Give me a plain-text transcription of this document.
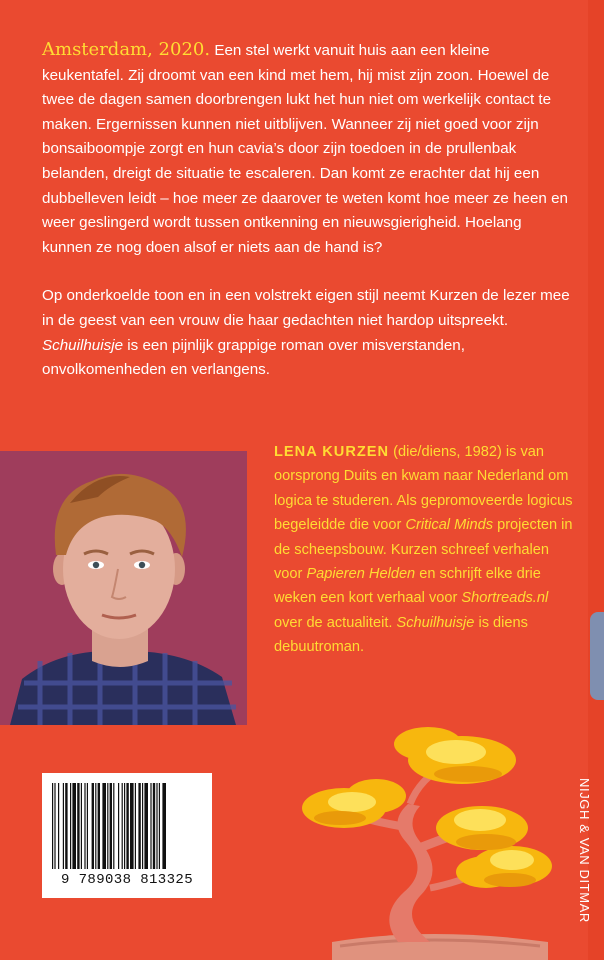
Amsterdam, 2020. Een stel werkt vanuit huis aan een kleine keukentafel. Zij droomt van een kind met hem, hij mist zijn zoon. Hoewel de twee de dagen samen doorbrengen lukt het hun niet om werkelijk contact te maken. Ergernissen kunnen niet uitblijven. Wanneer zij niet goed voor zijn bonsaiboompje zorgt en hun cavia’s door zijn toedoen in de prullenbak belanden, dreigt de situatie te escaleren. Dan komt ze erachter dat hij een dubbelleven leidt – hoe meer ze daarover te weten komt hoe meer ze heen en weer geslingerd wordt tussen ontkenning en nieuwsgierigheid. Hoelang kunnen ze nog doen alsof er niets aan de hand is?

Op onderkoelde toon en in een volstrekt eigen stijl neemt Kurzen de lezer mee in de geest van een vrouw die haar gedachten niet hardop uitspreekt. Schuilhuisje is een pijnlijk grappige roman over misverstanden, onvolkomenheden en verlangens.

LENA KURZEN (die/diens, 1982) is van oorsprong Duits en kwam naar Nederland om logica te studeren. Als gepromoveerde logicus begeleidde die voor Critical Minds projecten in de scheepsbouw. Kurzen schreef verhalen voor Papieren Helden en schrijft elke drie weken een kort verhaal voor Shortreads.nl over de actualiteit. Schuilhuisje is diens debuutroman.
9 789038 813325	NIJGH & VAN DITMAR
